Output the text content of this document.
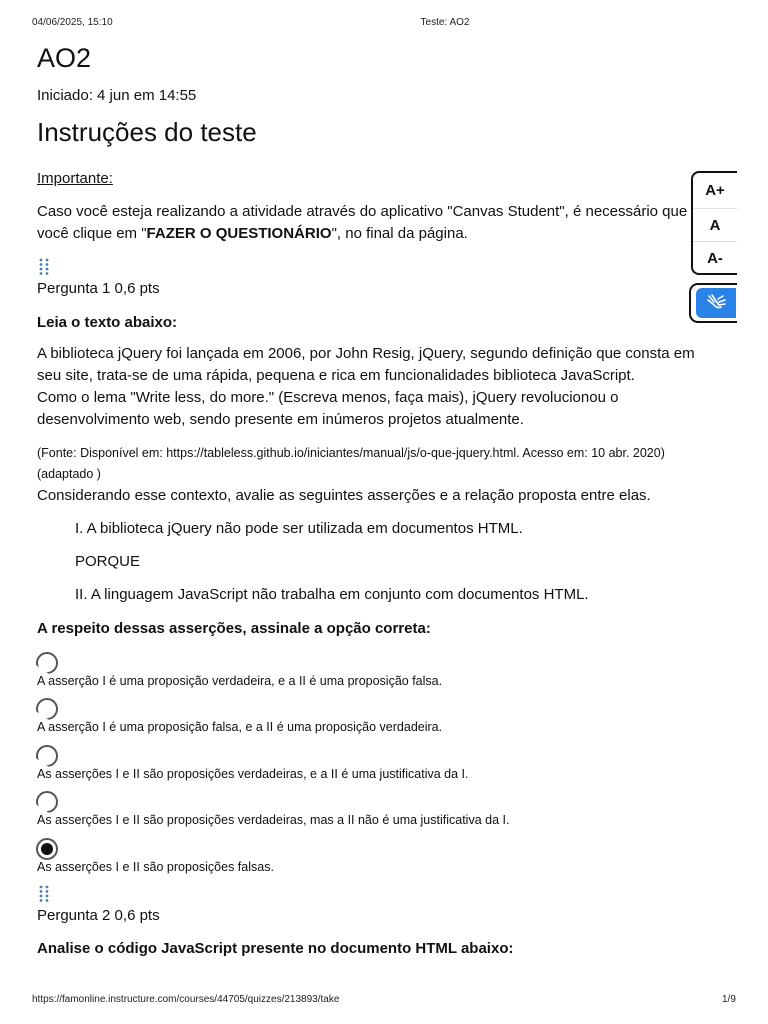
04/06/2025, 15:10	Teste: AO2
https://famonline.instructure.com/courses/44705/quizzes/213893/take	1/9
AO2
Iniciado: 4 jun em 14:55
Instruções do teste
Importante:
Caso você esteja realizando a atividade através do aplicativo "Canvas Student", é necessário que
você clique em "FAZER O QUESTIONÁRIO", no final da página.
Pergunta 1 0,6 pts
Leia o texto abaixo:
A biblioteca jQuery foi lançada em 2006, por John Resig, jQuery, segundo definição que consta em
seu site, trata-se de uma rápida, pequena e rica em funcionalidades biblioteca JavaScript.
Como o lema "Write less, do more." (Escreva menos, faça mais), jQuery revolucionou o
desenvolvimento web, sendo presente em inúmeros projetos atualmente.
(Fonte: Disponível em: https://tableless.github.io/iniciantes/manual/js/o-que-jquery.html. Acesso em: 10 abr. 2020)
(adaptado )
Considerando esse contexto, avalie as seguintes asserções e a relação proposta entre elas.
I. A biblioteca jQuery não pode ser utilizada em documentos HTML.
PORQUE
II. A linguagem JavaScript não trabalha em conjunto com documentos HTML.
A respeito dessas asserções, assinale a opção correta:
A asserção I é uma proposição verdadeira, e a II é uma proposição falsa.
A asserção I é uma proposição falsa, e a II é uma proposição verdadeira.
As asserções I e II são proposições verdadeiras, e a II é uma justificativa da I.
As asserções I e II são proposições verdadeiras, mas a II não é uma justificativa da I.
As asserções I e II são proposições falsas.
Pergunta 2 0,6 pts
Analise o código JavaScript presente no documento HTML abaixo:
A+
A
A-
